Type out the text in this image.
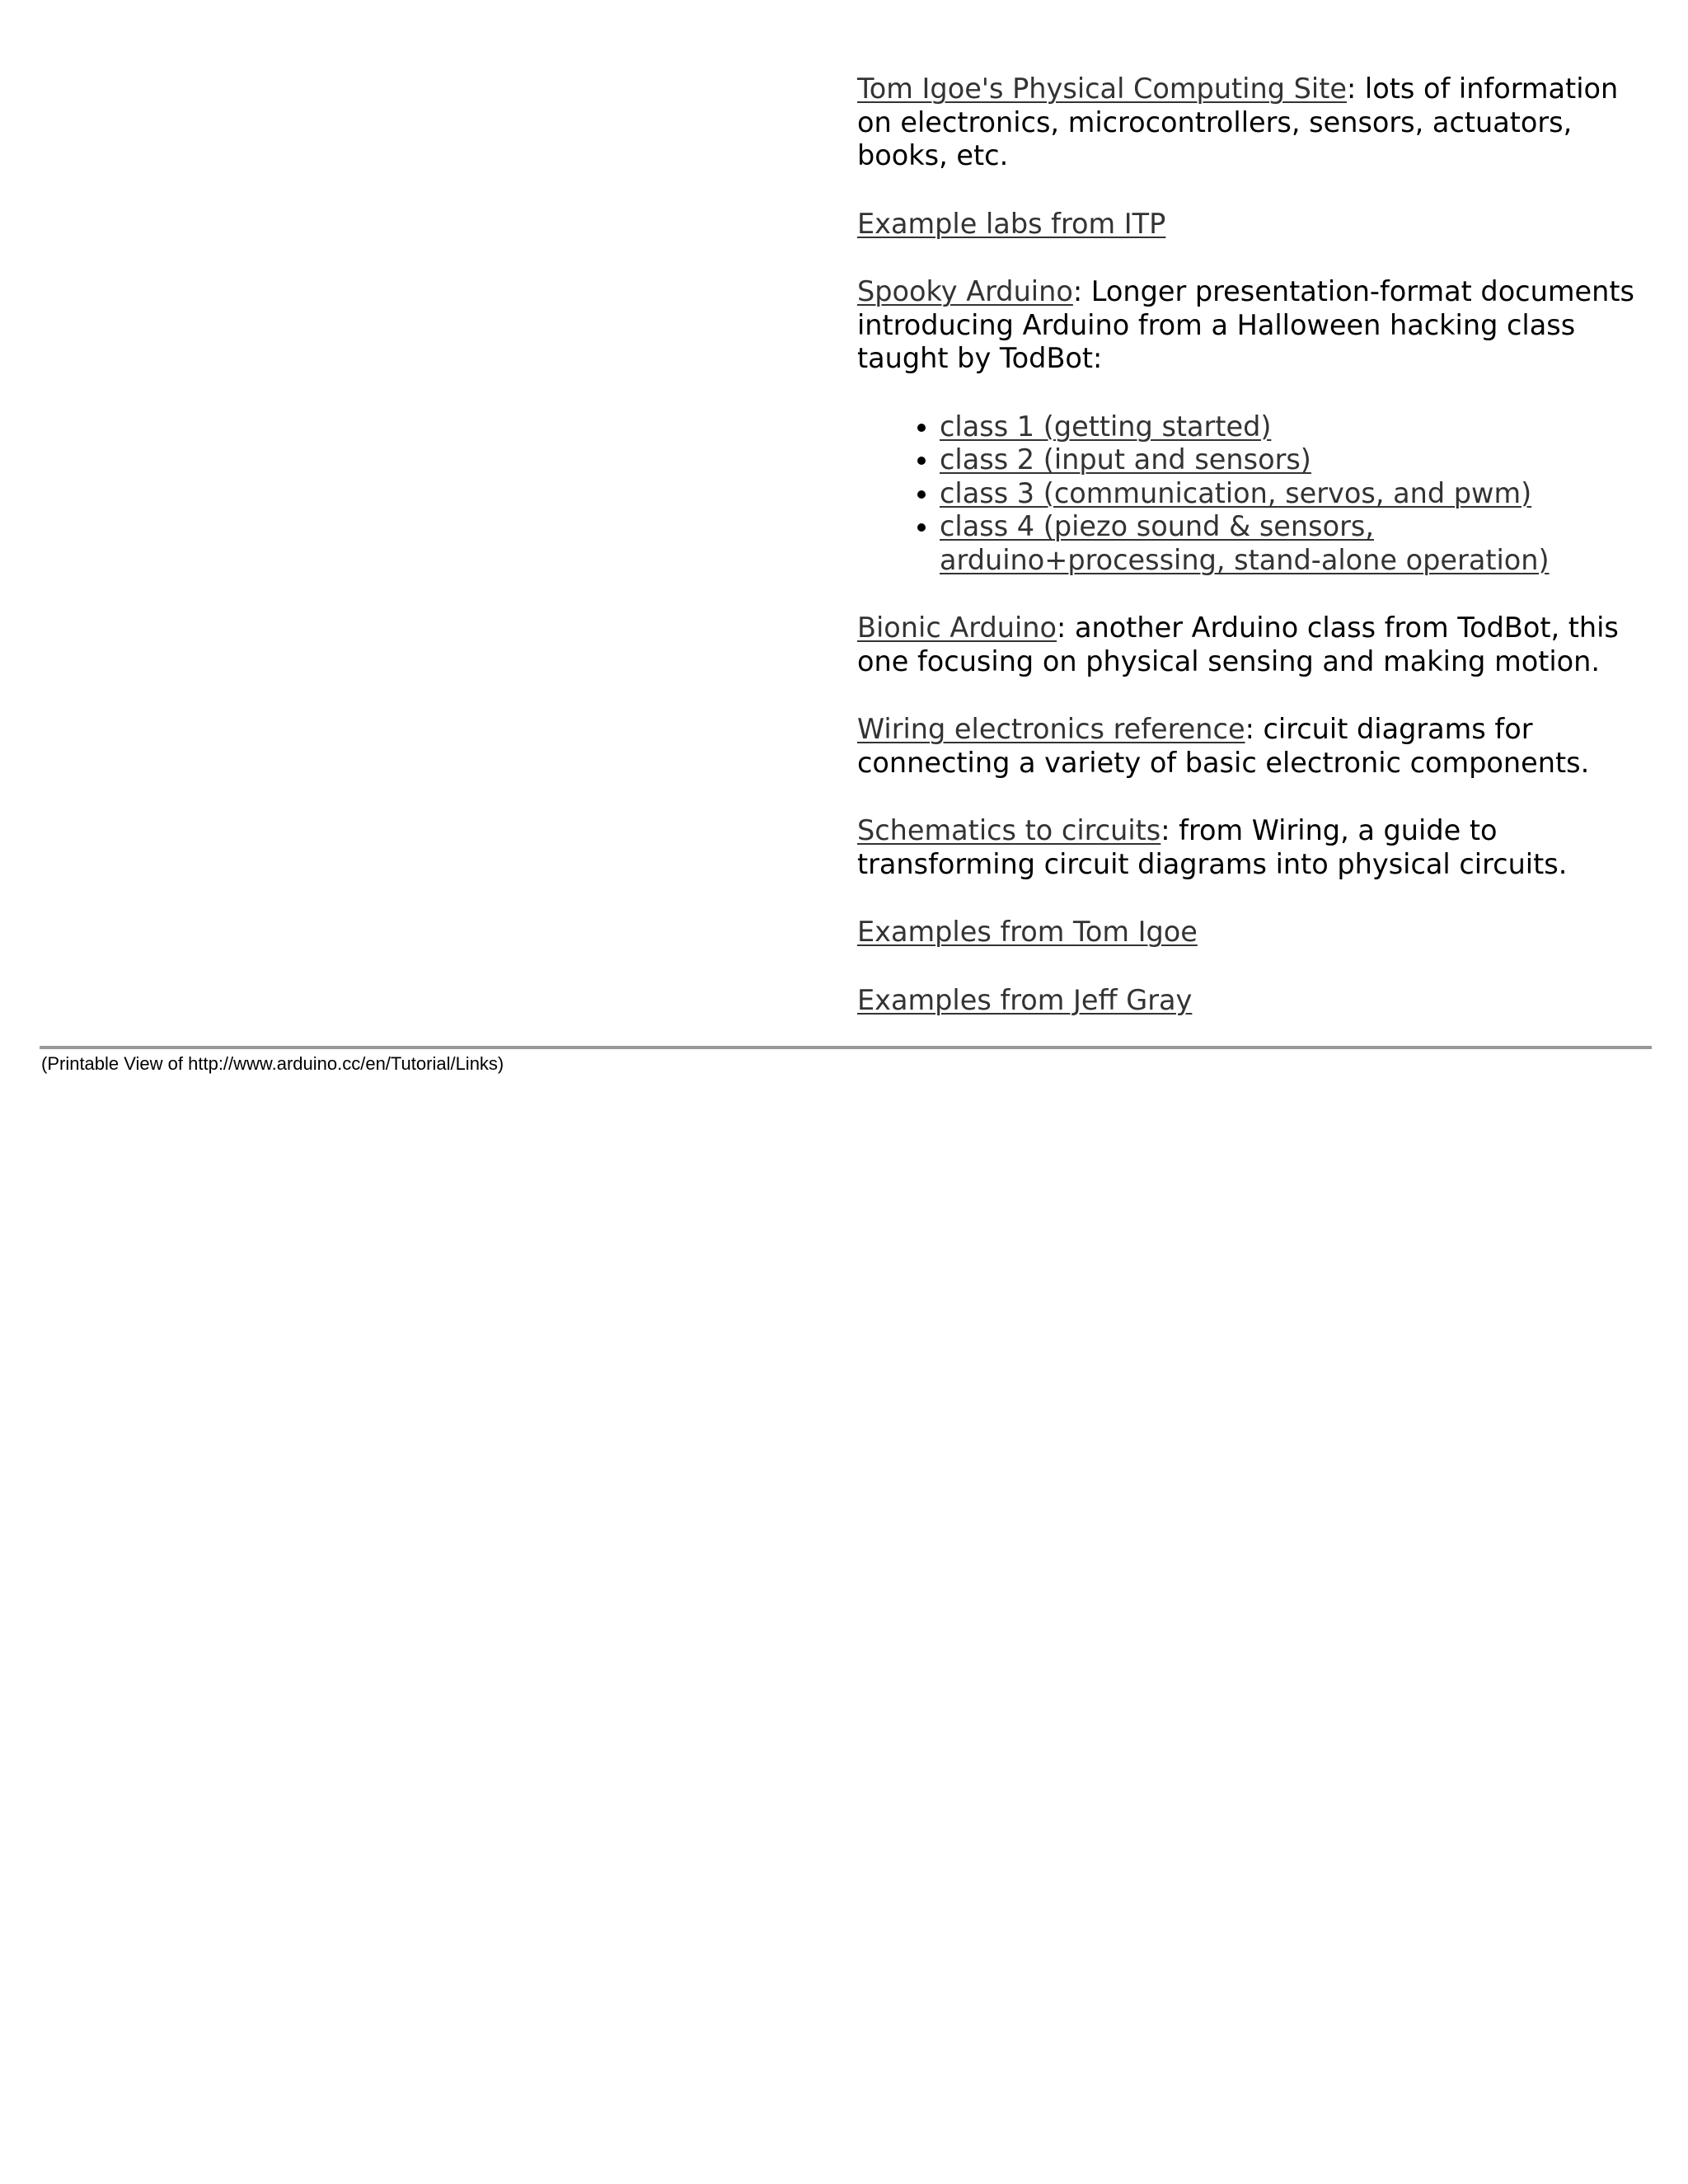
Tom Igoe's Physical Computing Site: lots of information on electronics, microcontrollers, sensors, actuators, books, etc.

Example labs from ITP

Spooky Arduino: Longer presentation-format documents introducing Arduino from a Halloween hacking class taught by TodBot:

• class 1 (getting started)
• class 2 (input and sensors)
• class 3 (communication, servos, and pwm)
• class 4 (piezo sound & sensors, arduino+processing, stand-alone operation)

Bionic Arduino: another Arduino class from TodBot, this one focusing on physical sensing and making motion.

Wiring electronics reference: circuit diagrams for connecting a variety of basic electronic components.

Schematics to circuits: from Wiring, a guide to transforming circuit diagrams into physical circuits.

Examples from Tom Igoe

Examples from Jeff Gray

(Printable View of http://www.arduino.cc/en/Tutorial/Links)
